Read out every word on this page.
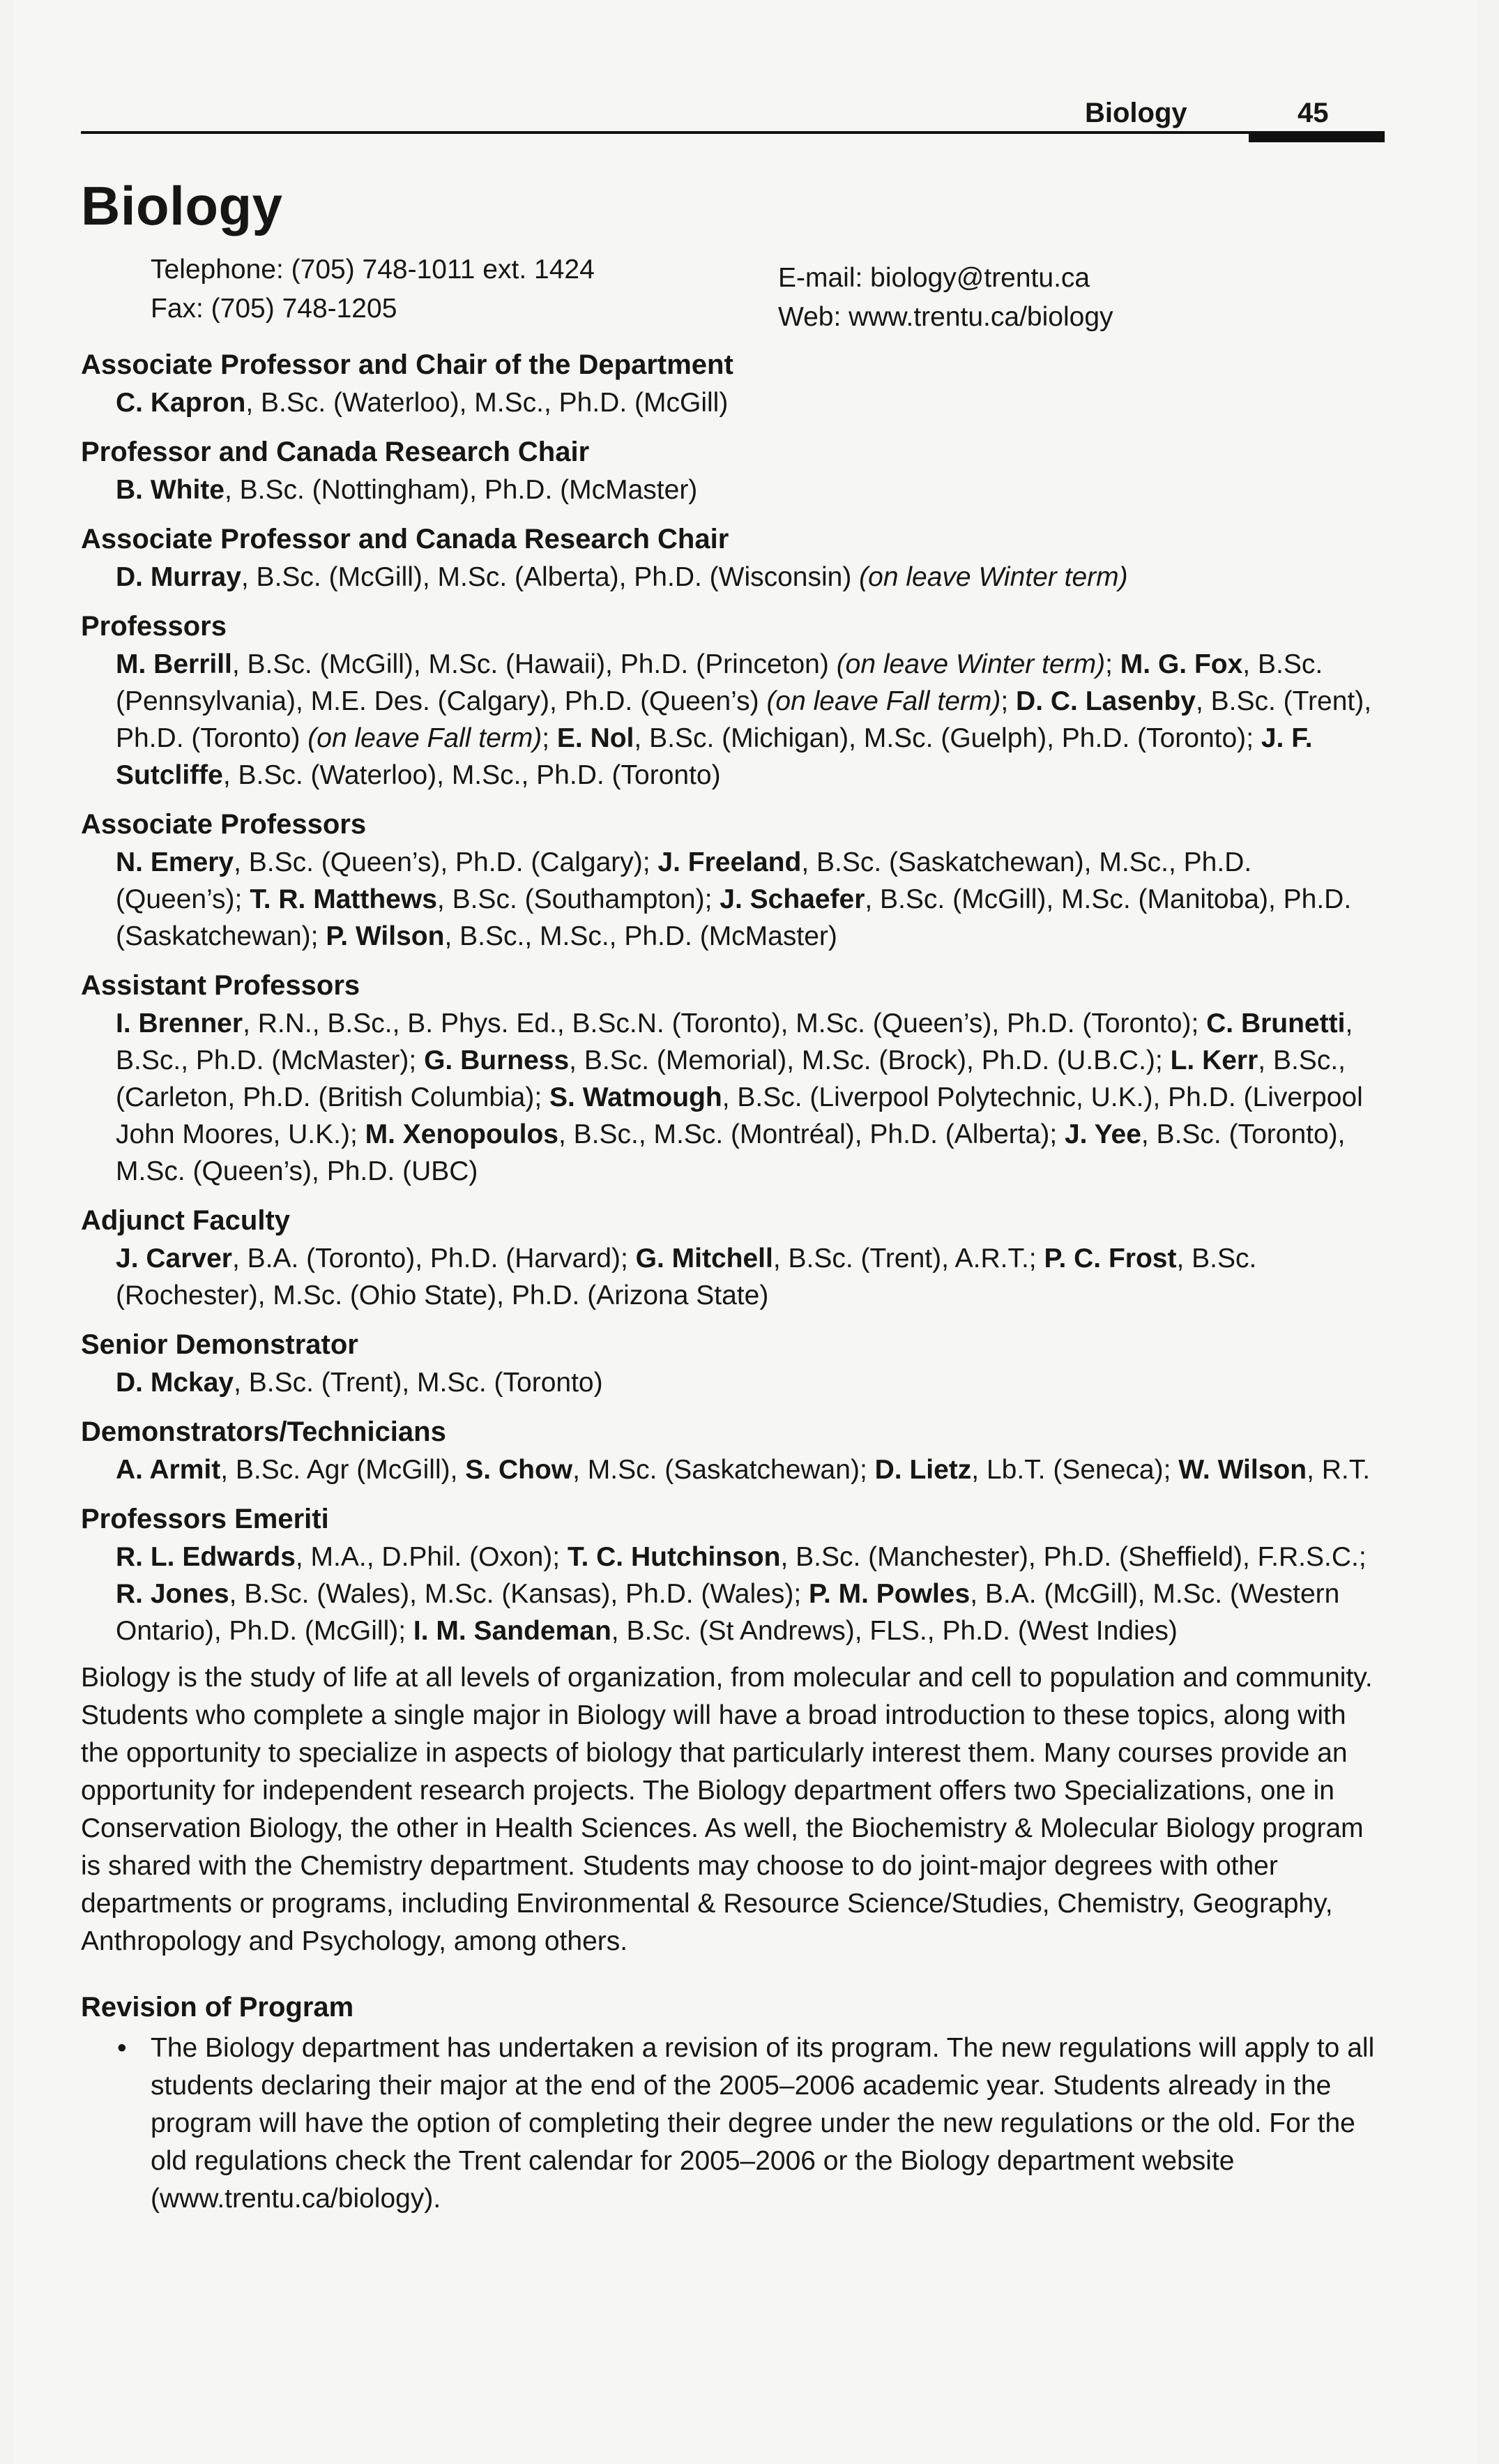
Biology	45
Biology
Telephone: (705) 748-1011 ext. 1424
Fax: (705) 748-1205
E-mail: biology@trentu.ca
Web: www.trentu.ca/biology
Associate Professor and Chair of the Department
C. Kapron, B.Sc. (Waterloo), M.Sc., Ph.D. (McGill)
Professor and Canada Research Chair
B. White, B.Sc. (Nottingham), Ph.D. (McMaster)
Associate Professor and Canada Research Chair
D. Murray, B.Sc. (McGill), M.Sc. (Alberta), Ph.D. (Wisconsin) (on leave Winter term)
Professors
M. Berrill, B.Sc. (McGill), M.Sc. (Hawaii), Ph.D. (Princeton) (on leave Winter term); M. G. Fox, B.Sc. (Pennsylvania), M.E. Des. (Calgary), Ph.D. (Queen’s) (on leave Fall term); D. C. Lasenby, B.Sc. (Trent), Ph.D. (Toronto) (on leave Fall term); E. Nol, B.Sc. (Michigan), M.Sc. (Guelph), Ph.D. (Toronto); J. F. Sutcliffe, B.Sc. (Waterloo), M.Sc., Ph.D. (Toronto)
Associate Professors
N. Emery, B.Sc. (Queen’s), Ph.D. (Calgary); J. Freeland, B.Sc. (Saskatchewan), M.Sc., Ph.D. (Queen’s); T. R. Matthews, B.Sc. (Southampton); J. Schaefer, B.Sc. (McGill), M.Sc. (Manitoba), Ph.D. (Saskatchewan); P. Wilson, B.Sc., M.Sc., Ph.D. (McMaster)
Assistant Professors
I. Brenner, R.N., B.Sc., B. Phys. Ed., B.Sc.N. (Toronto), M.Sc. (Queen’s), Ph.D. (Toronto); C. Brunetti, B.Sc., Ph.D. (McMaster); G. Burness, B.Sc. (Memorial), M.Sc. (Brock), Ph.D. (U.B.C.); L. Kerr, B.Sc.,(Carleton, Ph.D. (British Columbia); S. Watmough, B.Sc. (Liverpool Polytechnic, U.K.), Ph.D. (Liverpool John Moores, U.K.); M. Xenopoulos, B.Sc., M.Sc. (Montréal), Ph.D. (Alberta); J. Yee, B.Sc. (Toronto), M.Sc. (Queen’s), Ph.D. (UBC)
Adjunct Faculty
J. Carver, B.A. (Toronto), Ph.D. (Harvard); G. Mitchell, B.Sc. (Trent), A.R.T.; P. C. Frost, B.Sc. (Rochester), M.Sc. (Ohio State), Ph.D. (Arizona State)
Senior Demonstrator
D. Mckay, B.Sc. (Trent), M.Sc. (Toronto)
Demonstrators/Technicians
A. Armit, B.Sc. Agr (McGill), S. Chow, M.Sc. (Saskatchewan); D. Lietz, Lb.T. (Seneca); W. Wilson, R.T.
Professors Emeriti
R. L. Edwards, M.A., D.Phil. (Oxon); T. C. Hutchinson, B.Sc. (Manchester), Ph.D. (Sheffield), F.R.S.C.; R. Jones, B.Sc. (Wales), M.Sc. (Kansas), Ph.D. (Wales); P. M. Powles, B.A. (McGill), M.Sc. (Western Ontario), Ph.D. (McGill); I. M. Sandeman, B.Sc. (St Andrews), FLS., Ph.D. (West Indies)

Biology is the study of life at all levels of organization, from molecular and cell to population and community. Students who complete a single major in Biology will have a broad introduction to these topics, along with the opportunity to specialize in aspects of biology that particularly interest them. Many courses provide an opportunity for independent research projects. The Biology department offers two Specializations, one in Conservation Biology, the other in Health Sciences. As well, the Biochemistry & Molecular Biology program is shared with the Chemistry department. Students may choose to do joint-major degrees with other departments or programs, including Environmental & Resource Science/Studies, Chemistry, Geography, Anthropology and Psychology, among others.

Revision of Program
• The Biology department has undertaken a revision of its program. The new regulations will apply to all students declaring their major at the end of the 2005–2006 academic year. Students already in the program will have the option of completing their degree under the new regulations or the old. For the old regulations check the Trent calendar for 2005–2006 or the Biology department website (www.trentu.ca/biology).
